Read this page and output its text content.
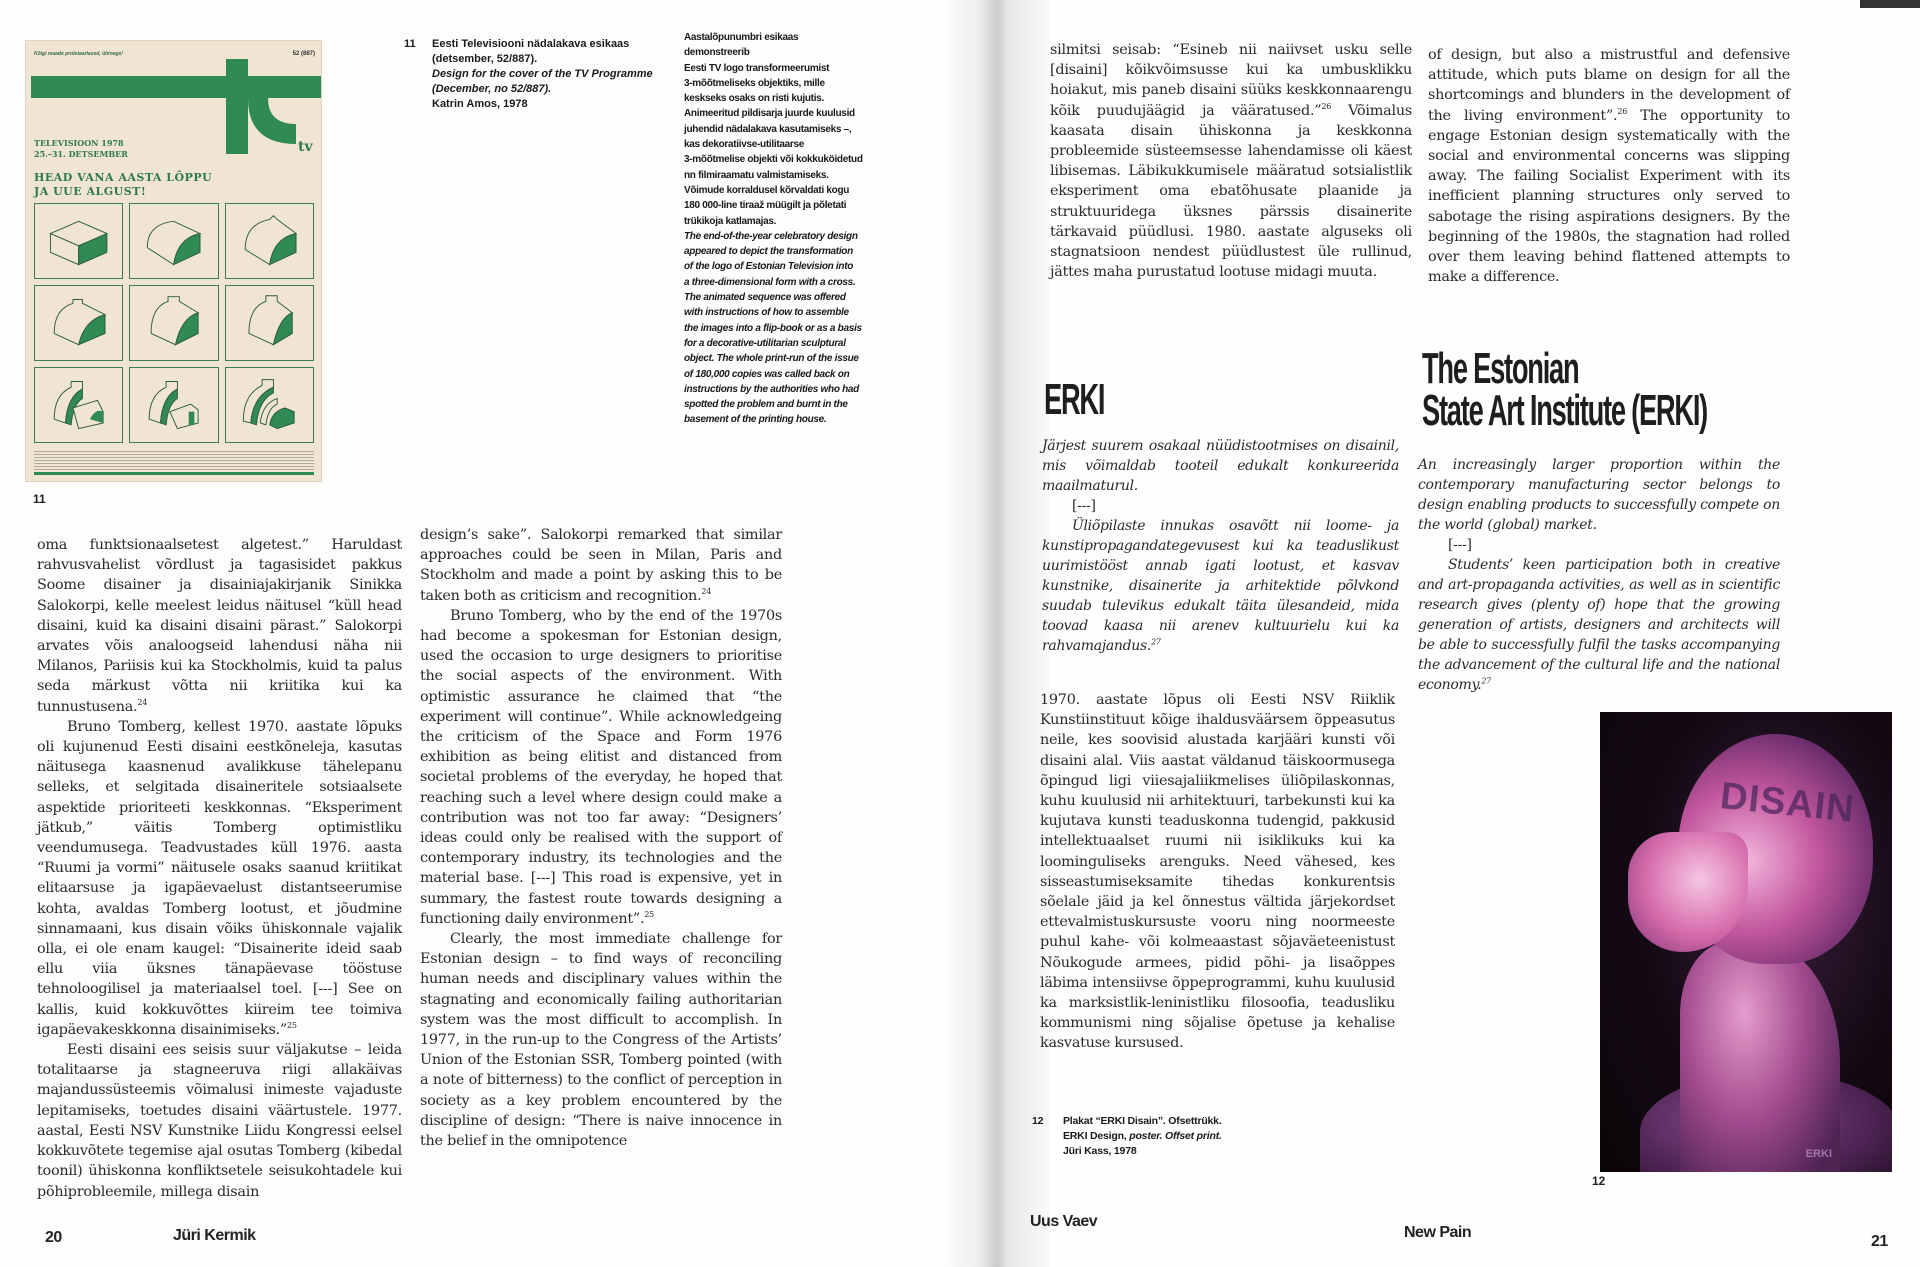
Kõigi maade proletaarlased, ühinege!	52 (887)
tv
TELEVISIOON 1978
25.–31. DETSEMBER
HEAD VANA AASTA LÕPPU
JA UUE ALGUST!
11
11 Eesti Televisiooni nädalakava esikaas
(detsember, 52/887).
Design for the cover of the TV Programme
(December, no 52/887).
Katrin Amos, 1978
Aastalõpunumbri esikaas demonstreerib
Eesti TV logo transformeerumist
3-mõõtmeliseks objektiks, mille
keskseks osaks on risti kujutis.
Animeeritud pildisarja juurde kuulusid
juhendid nädalakava kasutamiseks –,
kas dekoratiivse-utilitaarse
3-mõõtmelise objekti või kokkuköidetud
nn filmiraamatu valmistamiseks.
Võimude korraldusel kõrvaldati kogu
180 000-line tiraaž müügilt ja põletati
trükikoja katlamajas.
The end-of-the-year celebratory design
appeared to depict the transformation
of the logo of Estonian Television into
a three-dimensional form with a cross.
The animated sequence was offered
with instructions of how to assemble
the images into a flip-book or as a basis
for a decorative-utilitarian sculptural
object. The whole print-run of the issue
of 180,000 copies was called back on
instructions by the authorities who had
spotted the problem and burnt in the
basement of the printing house.

oma funktsionaalsetest algetest.” Haruldast rahvusvahelist võrdlust ja tagasisidet pakkus Soome disainer ja disainiajakirjanik Sinikka Salokorpi, kelle meelest leidus näitusel “küll head disaini, kuid ka disaini disaini pärast.” Salokorpi arvates võis analoogseid lahendusi näha nii Milanos, Pariisis kui ka Stockholmis, kuid ta palus seda märkust võtta nii kriitika kui ka tunnustusena.$^{24}$

Bruno Tomberg, kellest 1970. aastate lõpuks oli kujunenud Eesti disaini eestkõneleja, kasutas näitusega kaasnenud avalikkuse tähelepanu selleks, et selgitada disaineritele sotsiaalsete aspektide prioriteeti keskkonnas. “Eksperiment jätkub,” väitis Tomberg optimistliku veendumusega. Teadvustades küll 1976. aasta “Ruumi ja vormi” näitusele osaks saanud kriitikat elitaarsuse ja igapäevaelust distantseerumise kohta, avaldas Tomberg lootust, et jõudmine sinnamaani, kus disain võiks ühiskonnale vajalik olla, ei ole enam kaugel: “Disainerite ideid saab ellu viia üksnes tänapäevase tööstuse tehnoloogilisel ja materiaalsel toel. [---] See on kallis, kuid kokkuvõttes kiireim tee toimiva igapäevakeskkonna disainimiseks.”$^{25}$

Eesti disaini ees seisis suur väljakutse – leida totalitaarse ja stagneeruva riigi allakäivas majandussüsteemis võimalusi inimeste vajaduste lepitamiseks, toetudes disaini väärtustele. 1977. aastal, Eesti NSV Kunstnike Liidu Kongressi eelsel kokkuvõtete tegemise ajal osutas Tomberg (kibedal toonil) ühiskonna konfliktsetele seisukohtadele kui põhiprobleemile, millega disain

design’s sake”. Salokorpi remarked that similar approaches could be seen in Milan, Paris and Stockholm and made a point by asking this to be taken both as criticism and recognition.$^{24}$

Bruno Tomberg, who by the end of the 1970s had become a spokesman for Estonian design, used the occasion to urge designers to prioritise the social aspects of the environment. With optimistic assurance he claimed that “the experiment will continue”. While acknowledgeing the criticism of the Space and Form 1976 exhibition as being elitist and distanced from societal problems of the everyday, he hoped that reaching such a level where design could make a contribution was not too far away: “Designers’ ideas could only be realised with the support of contemporary industry, its technologies and the material base. [---] This road is expensive, yet in summary, the fastest route towards designing a functioning daily environment”.$^{25}$

Clearly, the most immediate challenge for Estonian design – to find ways of reconciling human needs and disciplinary values within the stagnating and economically failing authoritarian system was the most difficult to accomplish. In 1977, in the run-up to the Congress of the Artists’ Union of the Estonian SSR, Tomberg pointed (with a note of bitterness) to the conflict of perception in society as a key problem encountered by the discipline of design: “There is naive innocence in the belief in the omnipotence

silmitsi seisab: “Esineb nii naiivset usku selle [disaini] kõikvõimsusse kui ka umbusklikku hoiakut, mis paneb disaini süüks keskkonnaarengu kõik puudujäägid ja vääratused.”$^{26}$ Võimalus kaasata disain ühiskonna ja keskkonna probleemide süsteemsesse lahendamisse oli käest libisemas. Läbikukkumisele määratud sotsialistlik eksperiment oma ebatõhusate plaanide ja struktuuridega üksnes pärssis disainerite tärkavaid püüdlusi. 1980. aastate alguseks oli stagnatsioon nendest püüdlustest üle rullinud, jättes maha purustatud lootuse midagi muuta.

of design, but also a mistrustful and defensive attitude, which puts blame on design for all the shortcomings and blunders in the development of the living environment”.$^{26}$ The opportunity to engage Estonian design systematically with the social and environmental concerns was slipping away. The failing Socialist Experiment with its inefficient planning structures only served to sabotage the rising aspirations designers. By the beginning of the 1980s, the stagnation had rolled over them leaving behind flattened attempts to make a difference.

ERKI
The Estonian
State Art Institute (ERKI)

Järjest suurem osakaal nüüdistootmises on disainil, mis võimaldab tooteil edukalt konkureerida maailmaturul.

[---]

Üliõpilaste innukas osavõtt nii loome- ja kunstipropagandategevusest kui ka teaduslikust uurimistööst annab igati lootust, et kasvav kunstnike, disainerite ja arhitektide põlvkond suudab tulevikus edukalt täita ülesandeid, mida toovad kaasa nii arenev kultuurielu kui ka rahvamajandus.$^{27}$

An increasingly larger proportion within the contemporary manufacturing sector belongs to design enabling products to successfully compete on the world (global) market.

[---]

Students’ keen participation both in creative and art-propaganda activities, as well as in scientific research gives (plenty of) hope that the growing generation of artists, designers and architects will be able to successfully fulfil the tasks accompanying the advancement of the cultural life and the national economy.$^{27}$

1970. aastate lõpus oli Eesti NSV Riiklik Kunstiinstituut kõige ihaldusväärsem õppeasutus neile, kes soovisid alustada karjääri kunsti või disaini alal. Viis aastat väldanud täiskoormusega õpingud ligi viiesajaliikmelises üliõpilaskonnas, kuhu kuulusid nii arhitektuuri, tarbekunsti kui ka kujutava kunsti teaduskonna tudengid, pakkusid intellektuaalset ruumi nii isiklikuks kui ka loominguliseks arenguks. Need vähesed, kes sisseastumiseksamite tihedas konkurentsis sõelale jäid ja kel õnnestus vältida järjekordset ettevalmistuskursuste vooru ning noormeeste puhul kahe- või kolmeaastast sõjaväeteenistust Nõukogude armees, pidid põhi- ja lisaõppes läbima intensiivse õppeprogrammi, kuhu kuulusid ka marksistlik-leninistliku filosoofia, teadusliku kommunismi ning sõjalise õpetuse ja kehalise kasvatuse kursused.

DISAIN
ERKI
12
12 Plakat “ERKI Disain”. Ofsettrükk.
ERKI Design, poster. Offset print.
Jüri Kass, 1978
20	Jüri Kermik
Uus Vaev
New Pain
21
